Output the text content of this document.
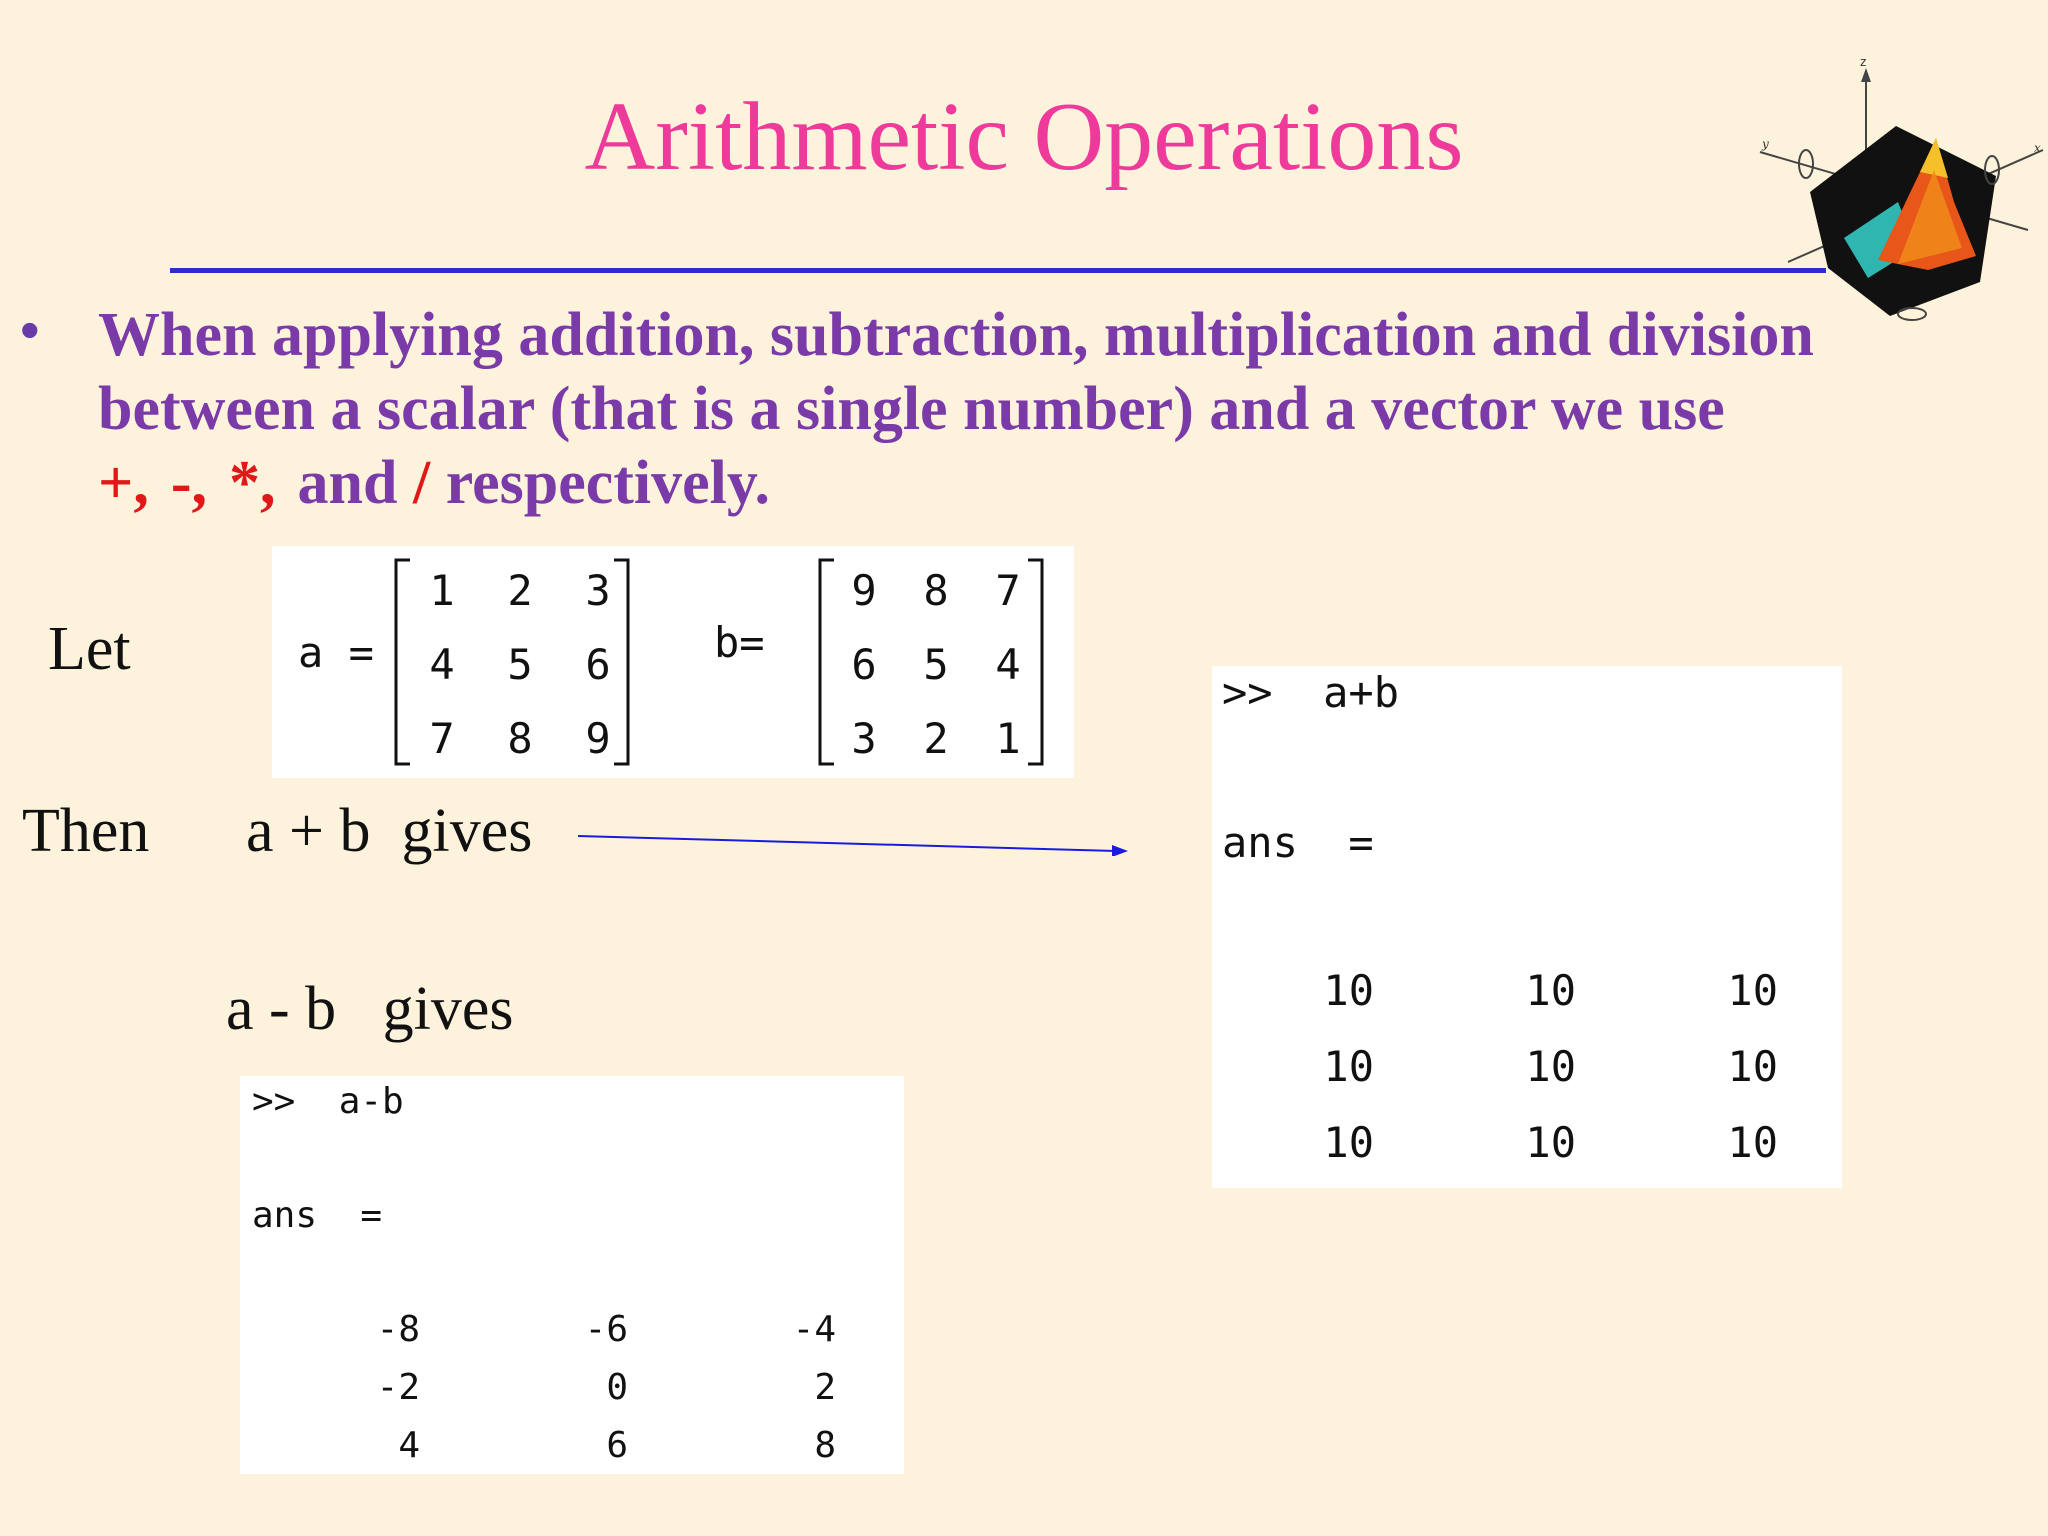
Arithmetic Operations
z
y	x
• When applying addition, subtraction, multiplication and division between a scalar (that is a single number) and a vector we use
+, -, *, and / respectively.
Let
Then a + b  gives
a - b   gives
a =
1	2	3
4	5	6
7	8	9
b=
9	8	7
6	5	4
3	2	1
>>  a+b
ans  =
10	10	10
10	10	10
10	10	10
>>  a-b
ans  =
-8	-6	-4
-2	0	2
4	6	8
